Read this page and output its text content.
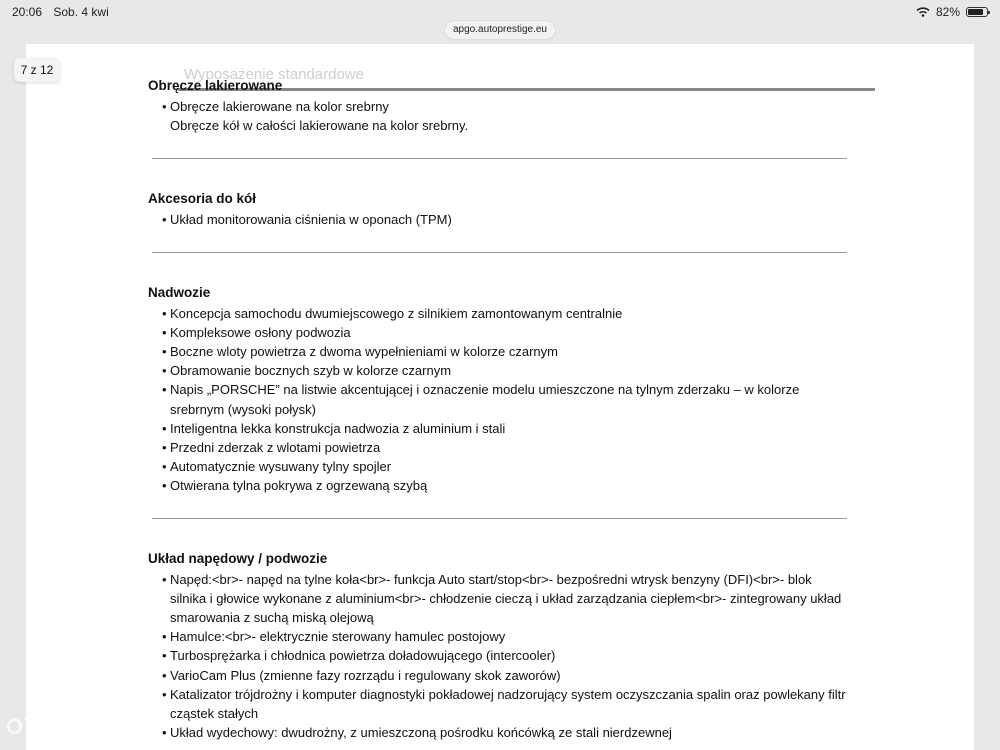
20:06 Sob. 4 kwi	82%
apgo.autoprestige.eu
7 z 12	Wyposażenie standardowe
Obręcze lakierowane
• Obręcze lakierowane na kolor srebrny
Obręcze kół w całości lakierowane na kolor srebrny.
Akcesoria do kół
• Układ monitorowania ciśnienia w oponach (TPM)
Nadwozie
• Koncepcja samochodu dwumiejscowego z silnikiem zamontowanym centralnie
• Kompleksowe osłony podwozia
• Boczne wloty powietrza z dwoma wypełnieniami w kolorze czarnym
• Obramowanie bocznych szyb w kolorze czarnym
• Napis „PORSCHE” na listwie akcentującej i oznaczenie modelu umieszczone na tylnym zderzaku – w kolorze srebrnym (wysoki połysk)
• Inteligentna lekka konstrukcja nadwozia z aluminium i stali
• Przedni zderzak z wlotami powietrza
• Automatycznie wysuwany tylny spojler
• Otwierana tylna pokrywa z ogrzewaną szybą
Układ napędowy / podwozie
• Napęd:<br>- napęd na tylne koła<br>- funkcja Auto start/stop<br>- bezpośredni wtrysk benzyny (DFI)<br>- blok silnika i głowice wykonane z aluminium<br>- chłodzenie cieczą i układ zarządzania ciepłem<br>- zintegrowany układ smarowania z suchą miską olejową
• Hamulce:<br>- elektrycznie sterowany hamulec postojowy
• Turbosprężarka i chłodnica powietrza doładowującego (intercooler)
• VarioCam Plus (zmienne fazy rozrządu i regulowany skok zaworów)
• Katalizator trójdrożny i komputer diagnostyki pokładowej nadzorujący system oczyszczania spalin oraz powlekany filtr cząstek stałych
• Układ wydechowy: dwudrożny, z umieszczoną pośrodku końcówką ze stali nierdzewnej
OTOMOTO
